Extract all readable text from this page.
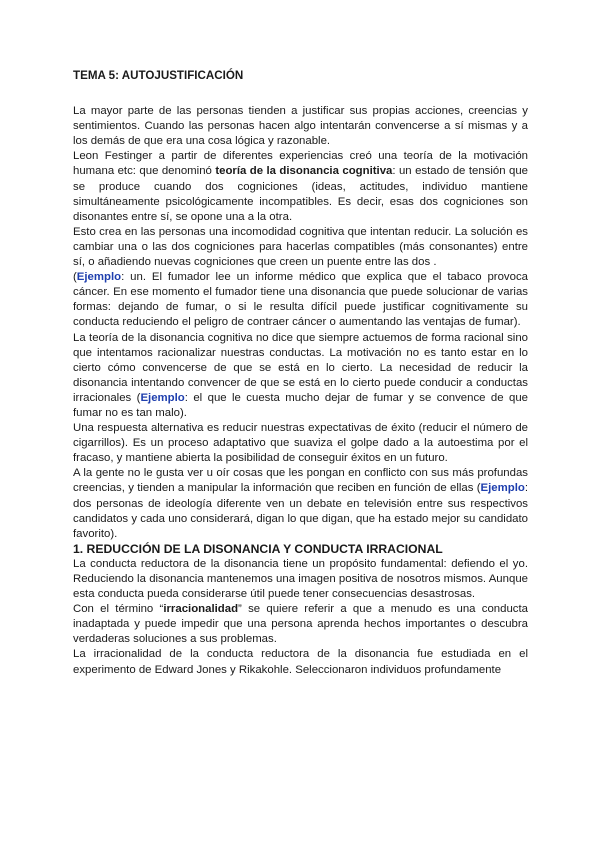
TEMA 5: AUTOJUSTIFICACIÓN

La mayor parte de las personas tienden a justificar sus propias acciones, creencias y sentimientos. Cuando las personas hacen algo intentarán convencerse a sí mismas y a los demás de que era una cosa lógica y razonable.

Leon Festinger a partir de diferentes experiencias creó una teoría de la motivación humana etc: que denominó teoría de la disonancia cognitiva: un estado de tensión que se produce cuando dos cogniciones (ideas, actitudes, individuo mantiene simultáneamente psicológicamente incompatibles. Es decir, esas dos cogniciones son disonantes entre sí, se opone una a la otra.

Esto crea en las personas una incomodidad cognitiva que intentan reducir. La solución es cambiar una o las dos cogniciones para hacerlas compatibles (más consonantes) entre sí, o añadiendo nuevas cogniciones que creen un puente entre las dos .

(Ejemplo: un. El fumador lee un informe médico que explica que el tabaco provoca cáncer. En ese momento el fumador tiene una disonancia que puede solucionar de varias formas: dejando de fumar, o si le resulta difícil puede justificar cognitivamente su conducta reduciendo el peligro de contraer cáncer o aumentando las ventajas de fumar).

La teoría de la disonancia cognitiva no dice que siempre actuemos de forma racional sino que intentamos racionalizar nuestras conductas. La motivación no es tanto estar en lo cierto cómo convencerse de que se está en lo cierto. La necesidad de reducir la disonancia intentando convencer de que se está en lo cierto puede conducir a conductas irracionales (Ejemplo: el que le cuesta mucho dejar de fumar y se convence de que fumar no es tan malo).

Una respuesta alternativa es reducir nuestras expectativas de éxito (reducir el número de cigarrillos). Es un proceso adaptativo que suaviza el golpe dado a la autoestima por el fracaso, y mantiene abierta la posibilidad de conseguir éxitos en un futuro.

A la gente no le gusta ver u oír cosas que les pongan en conflicto con sus más profundas creencias, y tienden a manipular la información que reciben en función de ellas (Ejemplo: dos personas de ideología diferente ven un debate en televisión entre sus respectivos candidatos y cada uno considerará, digan lo que digan, que ha estado mejor su candidato favorito).

1. REDUCCIÓN DE LA DISONANCIA Y CONDUCTA IRRACIONAL

La conducta reductora de la disonancia tiene un propósito fundamental: defiendo el yo. Reduciendo la disonancia mantenemos una imagen positiva de nosotros mismos. Aunque esta conducta pueda considerarse útil puede tener consecuencias desastrosas.

Con el término “irracionalidad” se quiere referir a que a menudo es una conducta inadaptada y puede impedir que una persona aprenda hechos importantes o descubra verdaderas soluciones a sus problemas.

La irracionalidad de la conducta reductora de la disonancia fue estudiada en el experimento de Edward Jones y Rikakohle. Seleccionaron individuos profundamente
